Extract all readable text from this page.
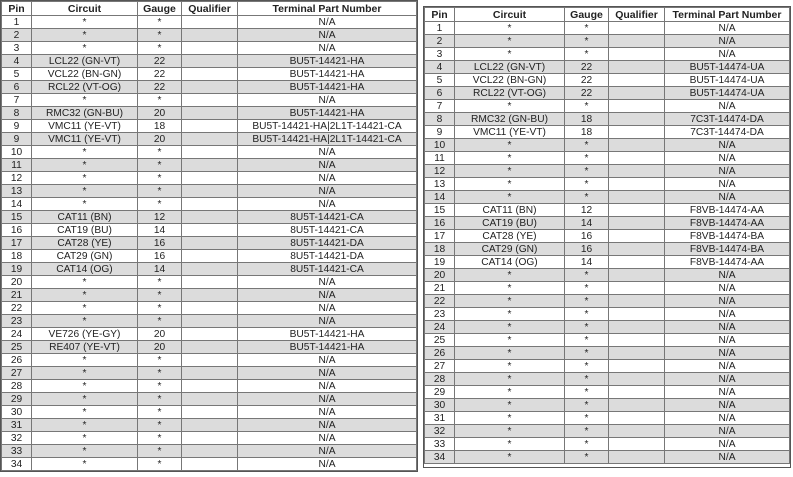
Pin	Circuit	Gauge	Qualifier	Terminal Part Number
1	*	*		N/A
2	*	*		N/A
3	*	*		N/A
4	LCL22 (GN-VT)	22		BU5T-14421-HA
5	VCL22 (BN-GN)	22		BU5T-14421-HA
6	RCL22 (VT-OG)	22		BU5T-14421-HA
7	*	*		N/A
8	RMC32 (GN-BU)	20		BU5T-14421-HA
9	VMC11 (YE-VT)	18		BU5T-14421-HA|2L1T-14421-CA
9	VMC11 (YE-VT)	20		BU5T-14421-HA|2L1T-14421-CA
10	*	*		N/A
11	*	*		N/A
12	*	*		N/A
13	*	*		N/A
14	*	*		N/A
15	CAT11 (BN)	12		8U5T-14421-CA
16	CAT19 (BU)	14		8U5T-14421-CA
17	CAT28 (YE)	16		8U5T-14421-DA
18	CAT29 (GN)	16		8U5T-14421-DA
19	CAT14 (OG)	14		8U5T-14421-CA
20	*	*		N/A
21	*	*		N/A
22	*	*		N/A
23	*	*		N/A
24	VE726 (YE-GY)	20		BU5T-14421-HA
25	RE407 (YE-VT)	20		BU5T-14421-HA
26	*	*		N/A
27	*	*		N/A
28	*	*		N/A
29	*	*		N/A
30	*	*		N/A
31	*	*		N/A
32	*	*		N/A
33	*	*		N/A
34	*	*		N/A
Pin	Circuit	Gauge	Qualifier	Terminal Part Number
1	*	*		N/A
2	*	*		N/A
3	*	*		N/A
4	LCL22 (GN-VT)	22		BU5T-14474-UA
5	VCL22 (BN-GN)	22		BU5T-14474-UA
6	RCL22 (VT-OG)	22		BU5T-14474-UA
7	*	*		N/A
8	RMC32 (GN-BU)	18		7C3T-14474-DA
9	VMC11 (YE-VT)	18		7C3T-14474-DA
10	*	*		N/A
11	*	*		N/A
12	*	*		N/A
13	*	*		N/A
14	*	*		N/A
15	CAT11 (BN)	12		F8VB-14474-AA
16	CAT19 (BU)	14		F8VB-14474-AA
17	CAT28 (YE)	16		F8VB-14474-BA
18	CAT29 (GN)	16		F8VB-14474-BA
19	CAT14 (OG)	14		F8VB-14474-AA
20	*	*		N/A
21	*	*		N/A
22	*	*		N/A
23	*	*		N/A
24	*	*		N/A
25	*	*		N/A
26	*	*		N/A
27	*	*		N/A
28	*	*		N/A
29	*	*		N/A
30	*	*		N/A
31	*	*		N/A
32	*	*		N/A
33	*	*		N/A
34	*	*		N/A
